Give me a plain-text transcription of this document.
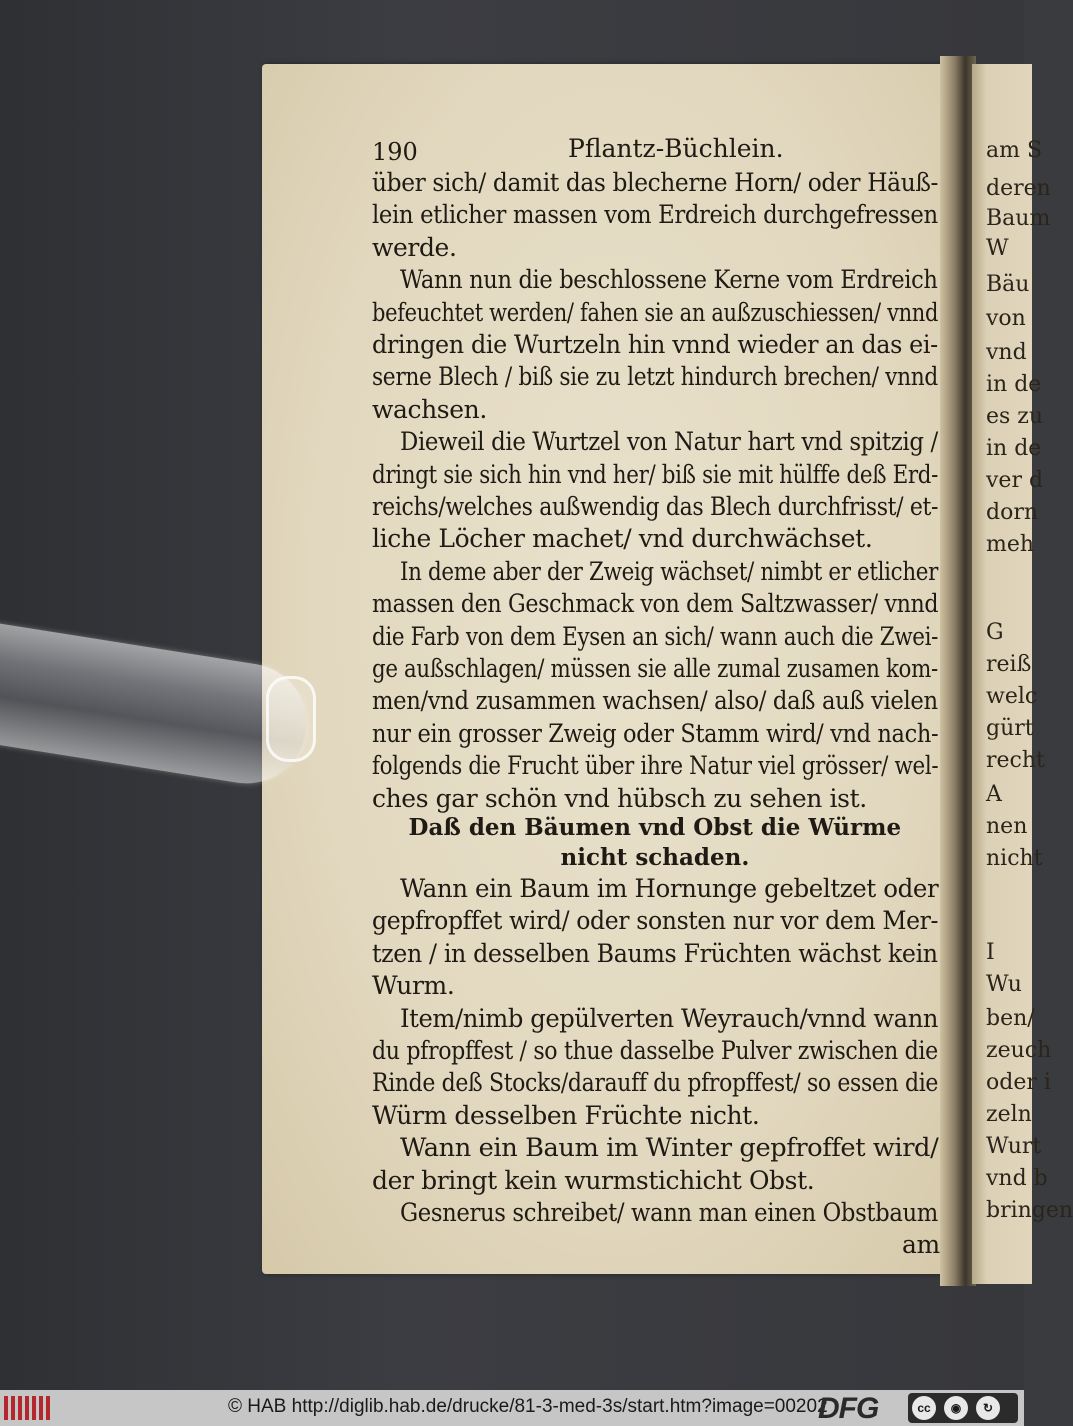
am S
deren
Baum
W
Bäu
von
vnd
in de
es zu
in de
ver d
dorn
meh
G
reiß
welc
gürt
recht
A
nen
nicht
I
Wu
ben/
zeuch
oder i
zeln
Wurt
vnd b
bringen
190	Pflantz-Büchlein.
über sich/ damit das blecherne Horn/ oder Häuß-
lein etlicher massen vom Erdreich durchgefressen
werde.
Wann nun die beschlossene Kerne vom Erdreich
befeuchtet werden/ fahen sie an außzuschiessen/ vnnd
dringen die Wurtzeln hin vnnd wieder an das ei-
serne Blech / biß sie zu letzt hindurch brechen/ vnnd
wachsen.
Dieweil die Wurtzel von Natur hart vnd spitzig /
dringt sie sich hin vnd her/ biß sie mit hülffe deß Erd-
reichs/welches außwendig das Blech durchfrisst/ et-
liche Löcher machet/ vnd durchwächset.
In deme aber der Zweig wächset/ nimbt er etlicher
massen den Geschmack von dem Saltzwasser/ vnnd
die Farb von dem Eysen an sich/ wann auch die Zwei-
ge außschlagen/ müssen sie alle zumal zusamen kom-
men/vnd zusammen wachsen/ also/ daß auß vielen
nur ein grosser Zweig oder Stamm wird/ vnd nach-
folgends die Frucht über ihre Natur viel grösser/ wel-
ches gar schön vnd hübsch zu sehen ist.
Daß den Bäumen vnd Obst die Würme
nicht schaden.
Wann ein Baum im Hornunge gebeltzet oder
gepfropffet wird/ oder sonsten nur vor dem Mer-
tzen / in desselben Baums Früchten wächst kein
Wurm.
Item/nimb gepülverten Weyrauch/vnnd wann
du pfropffest / so thue dasselbe Pulver zwischen die
Rinde deß Stocks/darauff du pfropffest/ so essen die
Würm desselben Früchte nicht.
Wann ein Baum im Winter gepfroffet wird/
der bringt kein wurmstichicht Obst.
Gesnerus schreibet/ wann man einen Obstbaum
am
© HAB http://diglib.hab.de/drucke/81-3-med-3s/start.htm?image=00202
DFG	cc	◉	↻
